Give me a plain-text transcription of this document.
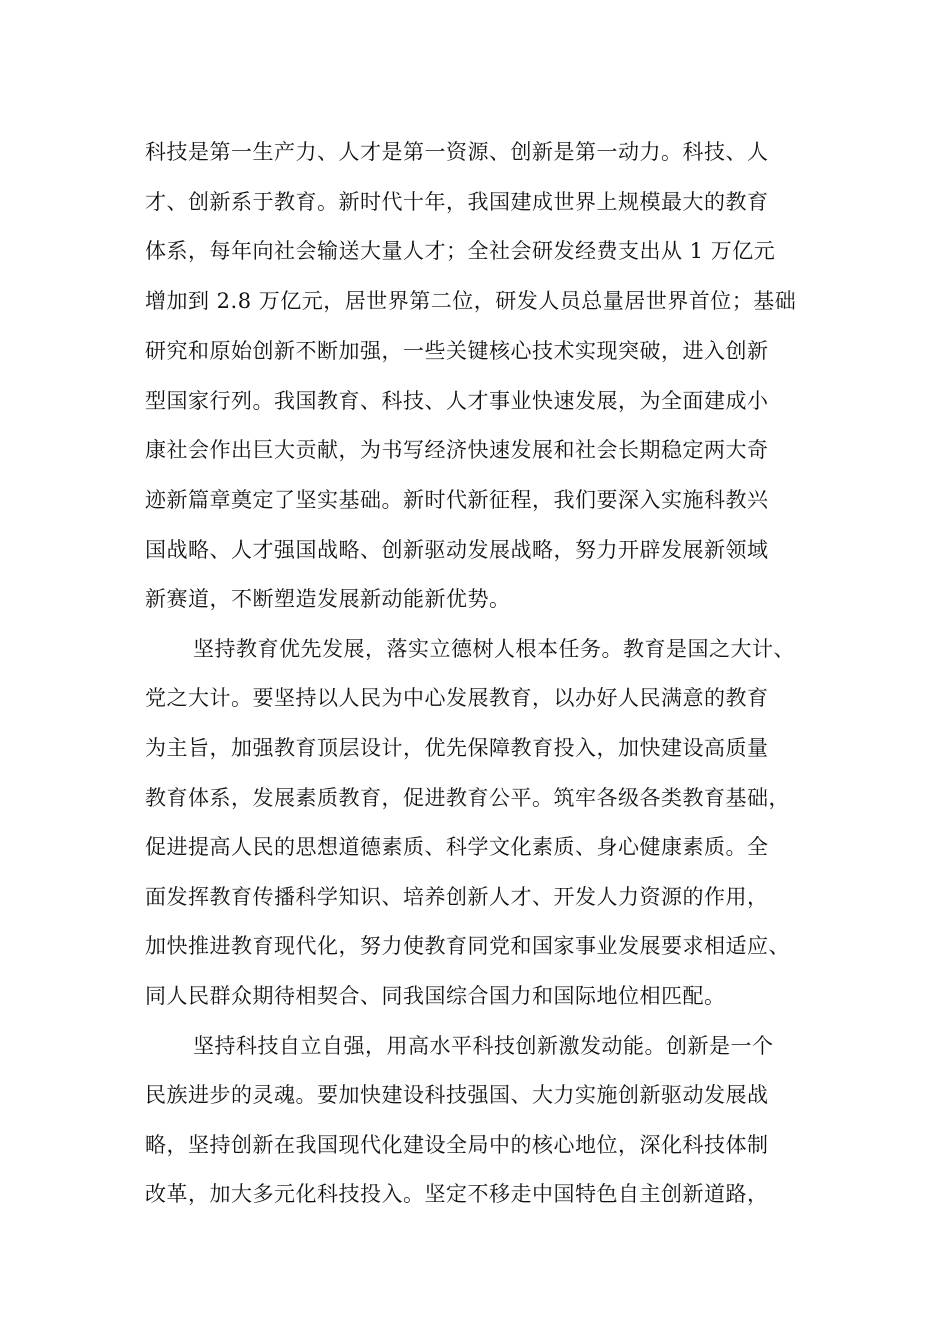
科技是第一生产力、人才是第一资源、创新是第一动力。科技、人
才、创新系于教育。新时代十年，我国建成世界上规模最大的教育
体系，每年向社会输送大量人才；全社会研发经费支出从 1 万亿元
增加到 2.8 万亿元，居世界第二位，研发人员总量居世界首位；基础
研究和原始创新不断加强，一些关键核心技术实现突破，进入创新
型国家行列。我国教育、科技、人才事业快速发展，为全面建成小
康社会作出巨大贡献，为书写经济快速发展和社会长期稳定两大奇
迹新篇章奠定了坚实基础。新时代新征程，我们要深入实施科教兴
国战略、人才强国战略、创新驱动发展战略，努力开辟发展新领域
新赛道，不断塑造发展新动能新优势。
坚持教育优先发展，落实立德树人根本任务。教育是国之大计、
党之大计。要坚持以人民为中心发展教育，以办好人民满意的教育
为主旨，加强教育顶层设计，优先保障教育投入，加快建设高质量
教育体系，发展素质教育，促进教育公平。筑牢各级各类教育基础，
促进提高人民的思想道德素质、科学文化素质、身心健康素质。全
面发挥教育传播科学知识、培养创新人才、开发人力资源的作用，
加快推进教育现代化，努力使教育同党和国家事业发展要求相适应、
同人民群众期待相契合、同我国综合国力和国际地位相匹配。
坚持科技自立自强，用高水平科技创新激发动能。创新是一个
民族进步的灵魂。要加快建设科技强国、大力实施创新驱动发展战
略，坚持创新在我国现代化建设全局中的核心地位，深化科技体制
改革，加大多元化科技投入。坚定不移走中国特色自主创新道路，
